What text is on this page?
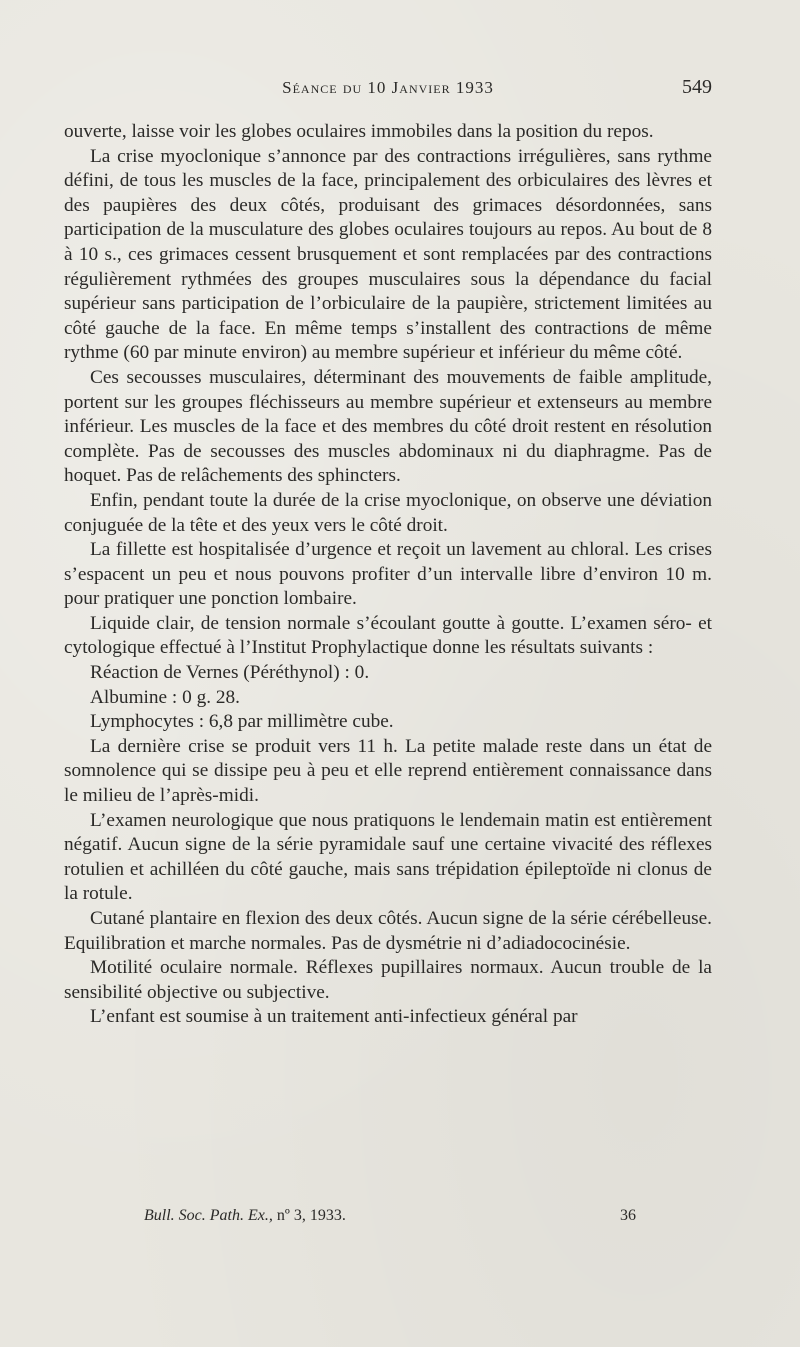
Séance du 10 Janvier 1933	549

ouverte, laisse voir les globes oculaires immobiles dans la position du repos.

La crise myoclonique s’annonce par des contractions irrégulières, sans rythme défini, de tous les muscles de la face, principalement des orbiculaires des lèvres et des paupières des deux côtés, produisant des grimaces désordonnées, sans participation de la musculature des globes oculaires toujours au repos. Au bout de 8 à 10 s., ces grimaces cessent brusquement et sont remplacées par des contractions régulièrement rythmées des groupes musculaires sous la dépendance du facial supérieur sans participation de l’orbiculaire de la paupière, strictement limitées au côté gauche de la face. En même temps s’installent des contractions de même rythme (60 par minute environ) au membre supérieur et inférieur du même côté.

Ces secousses musculaires, déterminant des mouvements de faible amplitude, portent sur les groupes fléchisseurs au membre supérieur et extenseurs au membre inférieur. Les muscles de la face et des membres du côté droit restent en résolution complète. Pas de secousses des muscles abdominaux ni du diaphragme. Pas de hoquet. Pas de relâchements des sphincters.

Enfin, pendant toute la durée de la crise myoclonique, on observe une déviation conjuguée de la tête et des yeux vers le côté droit.

La fillette est hospitalisée d’urgence et reçoit un lavement au chloral. Les crises s’espacent un peu et nous pouvons profiter d’un intervalle libre d’environ 10 m. pour pratiquer une ponction lombaire.

Liquide clair, de tension normale s’écoulant goutte à goutte. L’examen séro- et cytologique effectué à l’Institut Prophylactique donne les résultats suivants :

Réaction de Vernes (Péréthynol) : 0.

Albumine : 0 g. 28.

Lymphocytes : 6,8 par millimètre cube.

La dernière crise se produit vers 11 h. La petite malade reste dans un état de somnolence qui se dissipe peu à peu et elle reprend entièrement connaissance dans le milieu de l’après-midi.

L’examen neurologique que nous pratiquons le lendemain matin est entièrement négatif. Aucun signe de la série pyramidale sauf une certaine vivacité des réflexes rotulien et achilléen du côté gauche, mais sans trépidation épileptoïde ni clonus de la rotule.

Cutané plantaire en flexion des deux côtés. Aucun signe de la série cérébelleuse. Equilibration et marche normales. Pas de dysmétrie ni d’adiadococinésie.

Motilité oculaire normale. Réflexes pupillaires normaux. Aucun trouble de la sensibilité objective ou subjective.

L’enfant est soumise à un traitement anti-infectieux général par

Bull. Soc. Path. Ex., nº 3, 1933.	36
